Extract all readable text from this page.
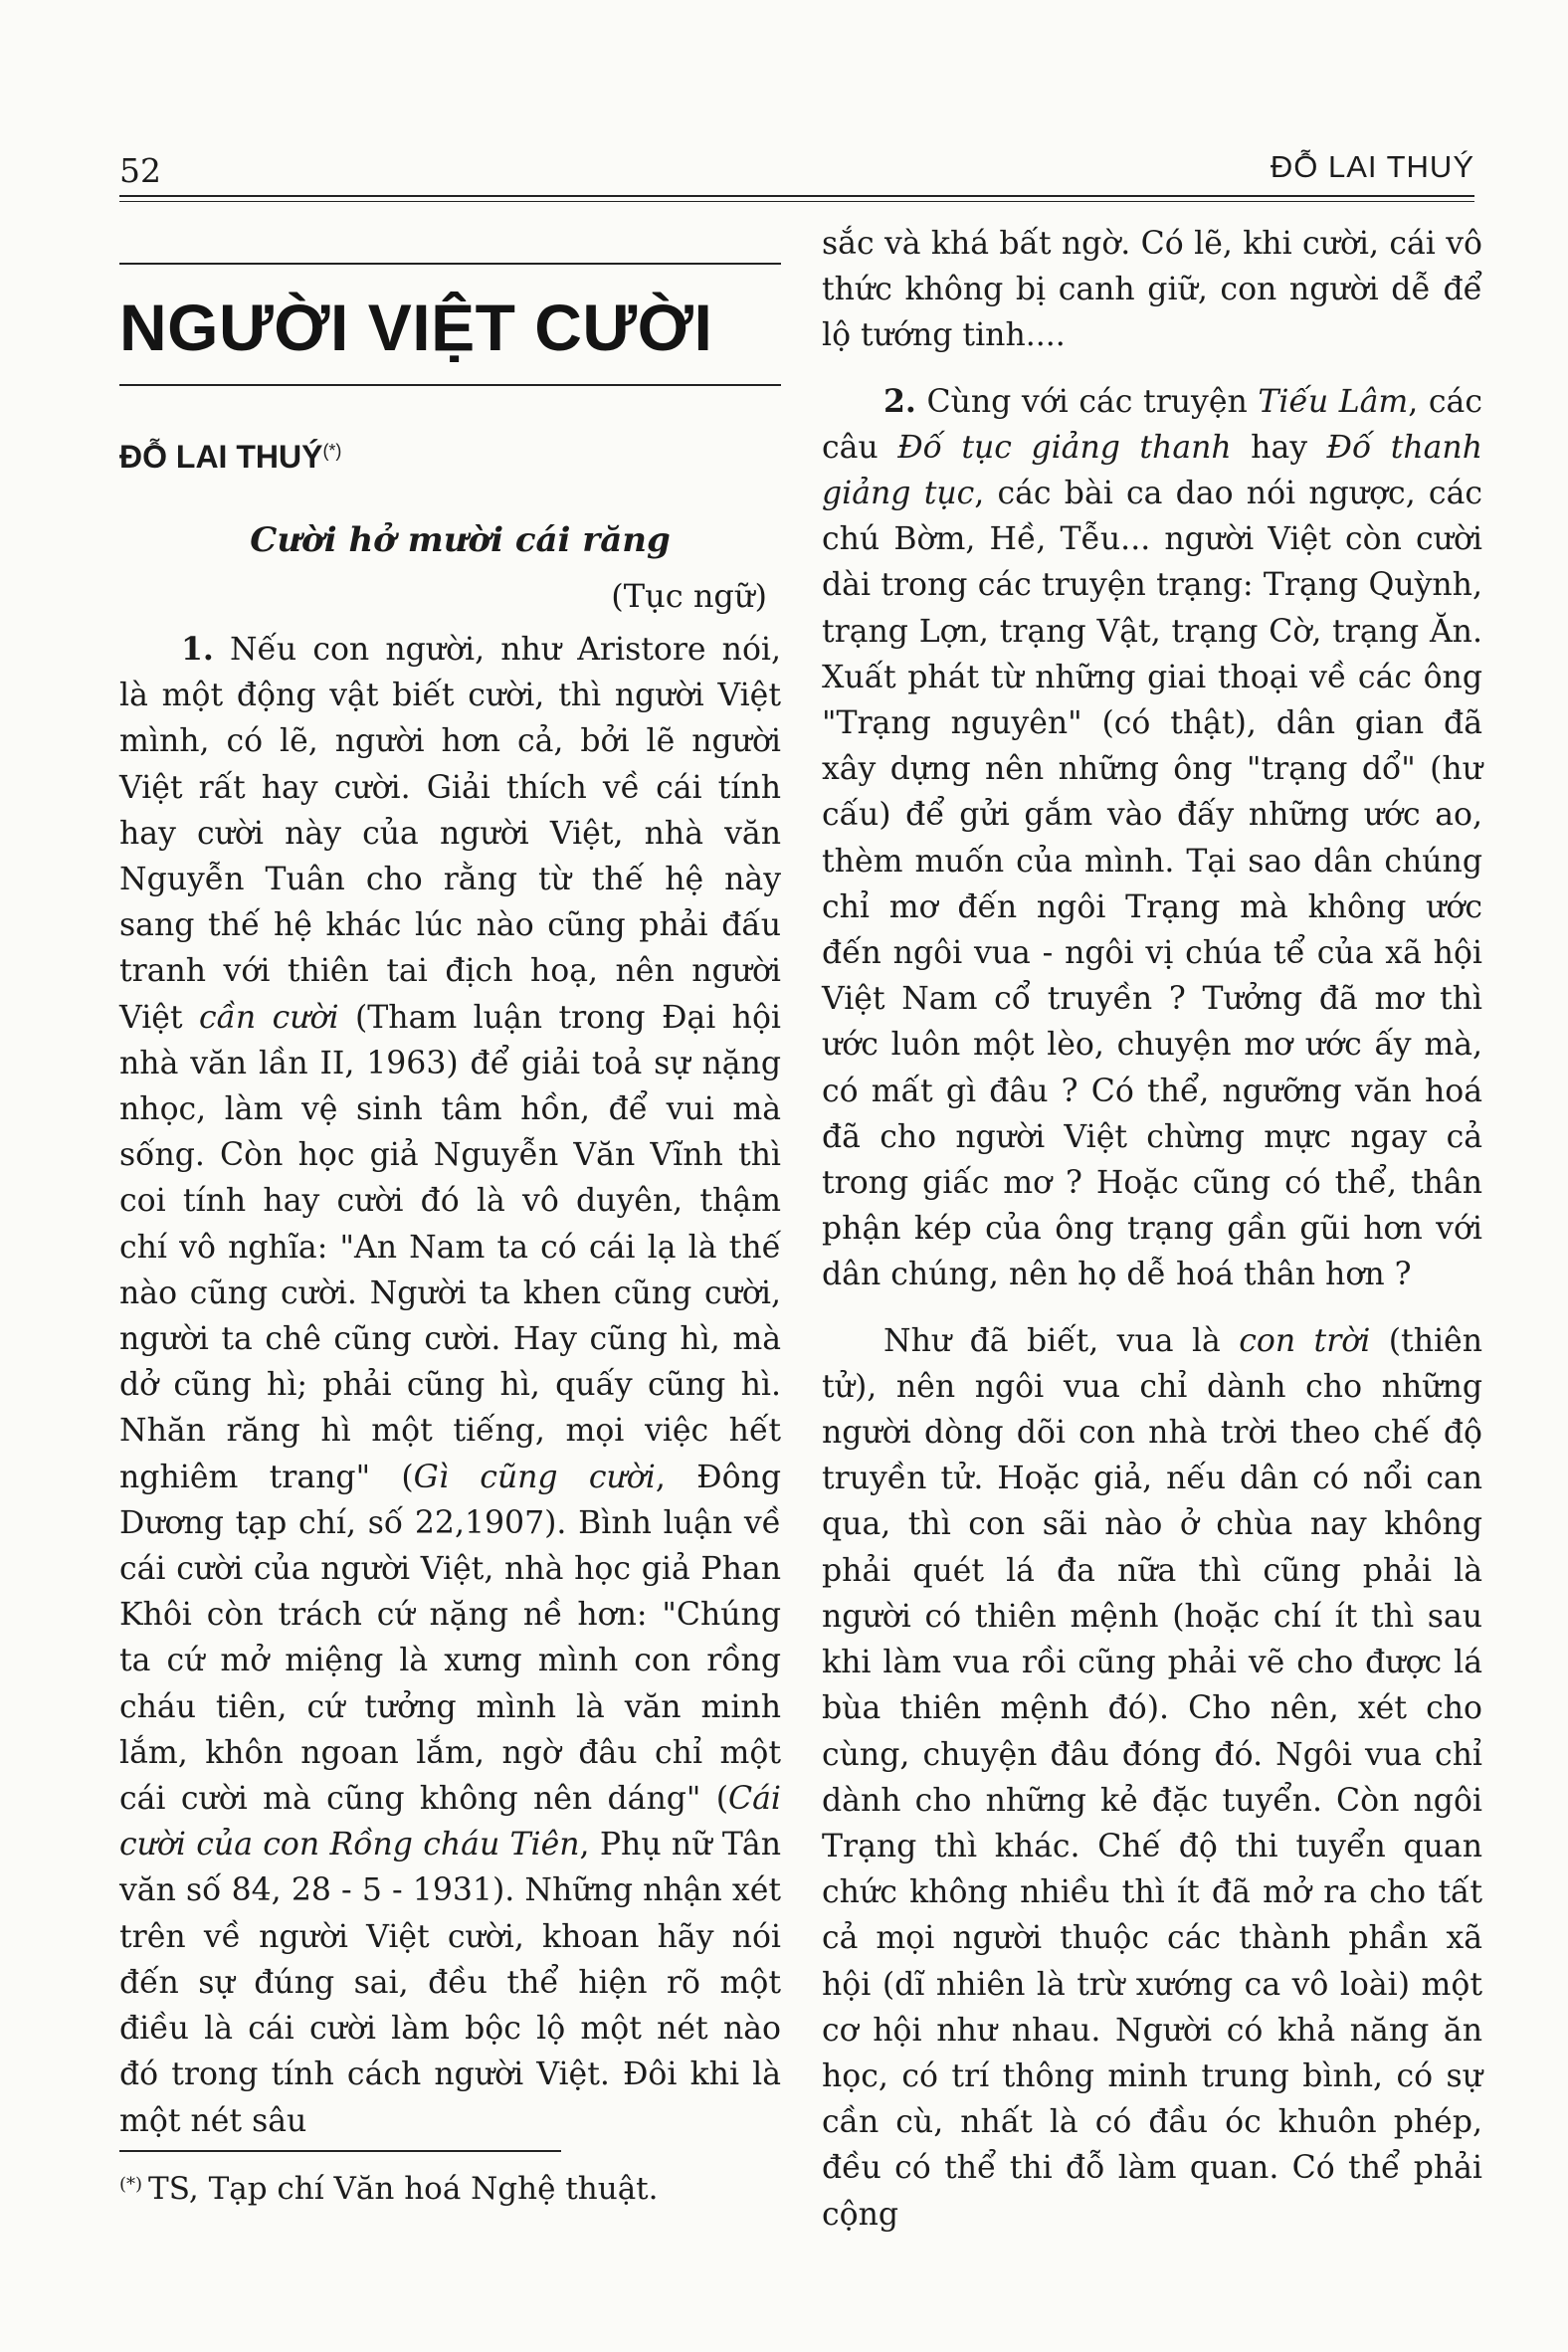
52	ĐỖ LAI THUÝ
NGƯỜI VIỆT CƯỜI
ĐỖ LAI THUÝ(*)
Cười hở mười cái răng
(Tục ngữ)

1. Nếu con người, như Aristore nói, là một động vật biết cười, thì người Việt mình, có lẽ, người hơn cả, bởi lẽ người Việt rất hay cười. Giải thích về cái tính hay cười này của người Việt, nhà văn Nguyễn Tuân cho rằng từ thế hệ này sang thế hệ khác lúc nào cũng phải đấu tranh với thiên tai địch hoạ, nên người Việt cần cười (Tham luận trong Đại hội nhà văn lần II, 1963) để giải toả sự nặng nhọc, làm vệ sinh tâm hồn, để vui mà sống. Còn học giả Nguyễn Văn Vĩnh thì coi tính hay cười đó là vô duyên, thậm chí vô nghĩa: "An Nam ta có cái lạ là thế nào cũng cười. Người ta khen cũng cười, người ta chê cũng cười. Hay cũng hì, mà dở cũng hì; phải cũng hì, quấy cũng hì. Nhăn răng hì một tiếng, mọi việc hết nghiêm trang" (Gì cũng cười, Đông Dương tạp chí, số 22,1907). Bình luận về cái cười của người Việt, nhà học giả Phan Khôi còn trách cứ nặng nề hơn: "Chúng ta cứ mở miệng là xưng mình con rồng cháu tiên, cứ tưởng mình là văn minh lắm, khôn ngoan lắm, ngờ đâu chỉ một cái cười mà cũng không nên dáng" (Cái cười của con Rồng cháu Tiên, Phụ nữ Tân văn số 84, 28 - 5 - 1931). Những nhận xét trên về người Việt cười, khoan hãy nói đến sự đúng sai, đều thể hiện rõ một điều là cái cười làm bộc lộ một nét nào đó trong tính cách người Việt. Đôi khi là một nét sâu

sắc và khá bất ngờ. Có lẽ, khi cười, cái vô thức không bị canh giữ, con người dễ để lộ tướng tinh....

2. Cùng với các truyện Tiếu Lâm, các câu Đố tục giảng thanh hay Đố thanh giảng tục, các bài ca dao nói ngược, các chú Bờm, Hề, Tễu... người Việt còn cười dài trong các truyện trạng: Trạng Quỳnh, trạng Lợn, trạng Vật, trạng Cờ, trạng Ăn. Xuất phát từ những giai thoại về các ông "Trạng nguyên" (có thật), dân gian đã xây dựng nên những ông "trạng dổ" (hư cấu) để gửi gắm vào đấy những ước ao, thèm muốn của mình. Tại sao dân chúng chỉ mơ đến ngôi Trạng mà không ước đến ngôi vua - ngôi vị chúa tể của xã hội Việt Nam cổ truyền ? Tưởng đã mơ thì ước luôn một lèo, chuyện mơ ước ấy mà, có mất gì đâu ? Có thể, ngưỡng văn hoá đã cho người Việt chừng mực ngay cả trong giấc mơ ? Hoặc cũng có thể, thân phận kép của ông trạng gần gũi hơn với dân chúng, nên họ dễ hoá thân hơn ?

Như đã biết, vua là con trời (thiên tử), nên ngôi vua chỉ dành cho những người dòng dõi con nhà trời theo chế độ truyền tử. Hoặc giả, nếu dân có nổi can qua, thì con sãi nào ở chùa nay không phải quét lá đa nữa thì cũng phải là người có thiên mệnh (hoặc chí ít thì sau khi làm vua rồi cũng phải vẽ cho được lá bùa thiên mệnh đó). Cho nên, xét cho cùng, chuyện đâu đóng đó. Ngôi vua chỉ dành cho những kẻ đặc tuyển. Còn ngôi Trạng thì khác. Chế độ thi tuyển quan chức không nhiều thì ít đã mở ra cho tất cả mọi người thuộc các thành phần xã hội (dĩ nhiên là trừ xướng ca vô loài) một cơ hội như nhau. Người có khả năng ăn học, có trí thông minh trung bình, có sự cần cù, nhất là có đầu óc khuôn phép, đều có thể thi đỗ làm quan. Có thể phải cộng

(*) TS, Tạp chí Văn hoá Nghệ thuật.
